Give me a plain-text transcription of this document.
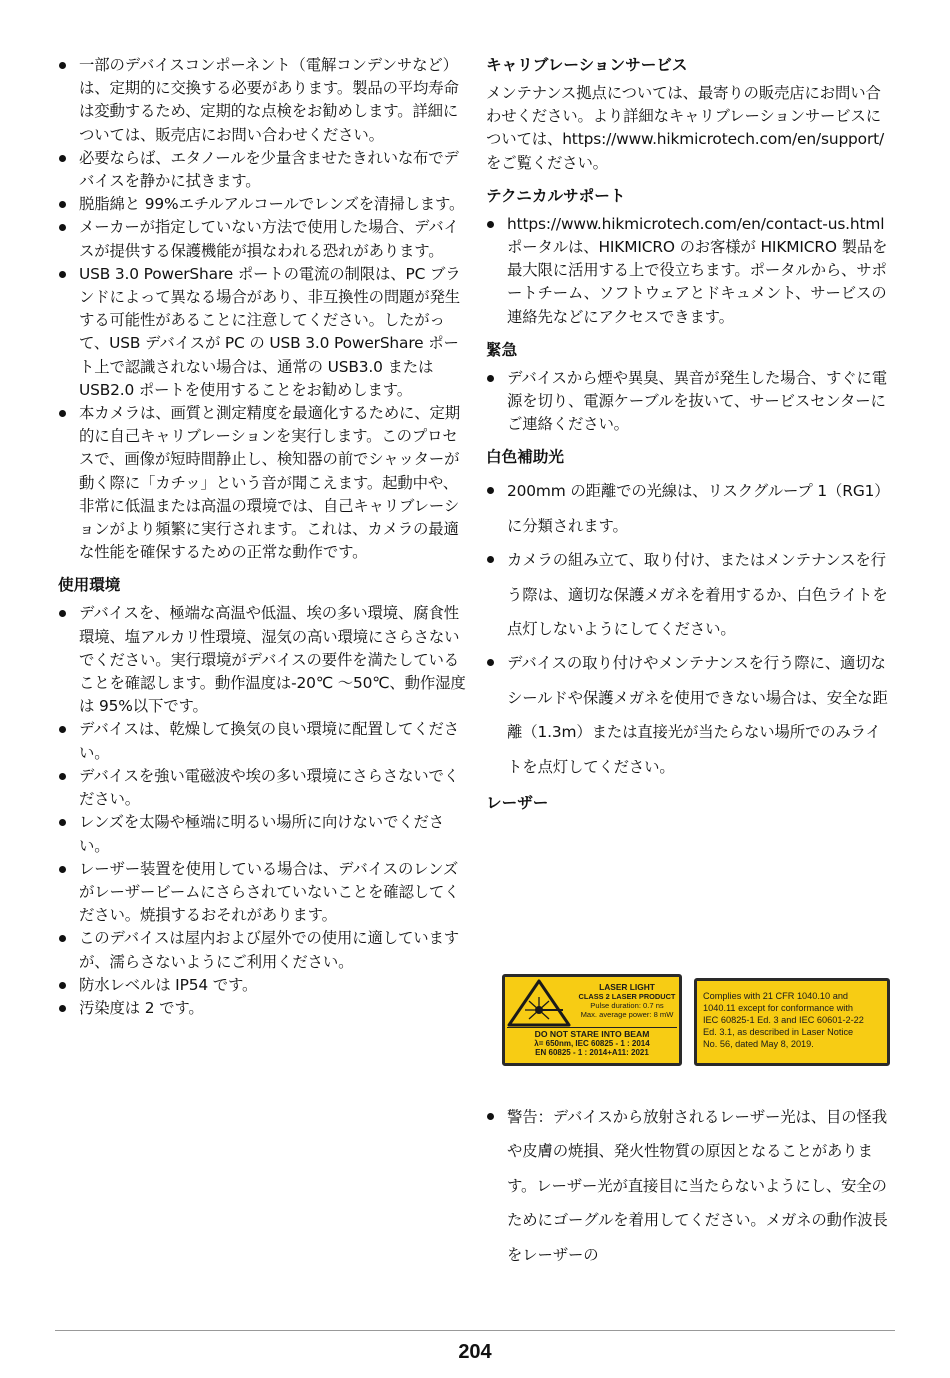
一部のデバイスコンポーネント（電解コンデンサなど）は、定期的に交換する必要があります。製品の平均寿命は変動するため、定期的な点検をお勧めします。詳細については、販売店にお問い合わせください。
必要ならば、エタノールを少量含ませたきれいな布でデバイスを静かに拭きます。
脱脂綿と 99%エチルアルコールでレンズを清掃します。
メーカーが指定していない方法で使用した場合、デバイスが提供する保護機能が損なわれる恐れがあります。
USB 3.0 PowerShare ポートの電流の制限は、PC ブランドによって異なる場合があり、非互換性の問題が発生する可能性があることに注意してください。したがって、USB デバイスが PC の USB 3.0 PowerShare ポート上で認識されない場合は、通常の USB3.0 または USB2.0 ポートを使用することをお勧めします。
本カメラは、画質と測定精度を最適化するために、定期的に自己キャリブレーションを実行します。このプロセスで、画像が短時間静止し、検知器の前でシャッターが動く際に「カチッ」という音が聞こえます。起動中や、非常に低温または高温の環境では、自己キャリブレーションがより頻繁に実行されます。これは、カメラの最適な性能を確保するための正常な動作です。

使用環境

デバイスを、極端な高温や低温、埃の多い環境、腐食性環境、塩アルカリ性環境、湿気の高い環境にさらさないでください。実行環境がデバイスの要件を満たしていることを確認します。動作温度は-20℃ ～50℃、動作湿度は 95%以下です。
デバイスは、乾燥して換気の良い環境に配置してください。
デバイスを強い電磁波や埃の多い環境にさらさないでください。
レンズを太陽や極端に明るい場所に向けないでください。
レーザー装置を使用している場合は、デバイスのレンズがレーザービームにさらされていないことを確認してください。焼損するおそれがあります。
このデバイスは屋内および屋外での使用に適していますが、濡らさないようにご利用ください。
防水レベルは IP54 です。
汚染度は 2 です。

キャリブレーションサービス

メンテナンス拠点については、最寄りの販売店にお問い合わせください。より詳細なキャリブレーションサービスについては、https://www.hikmicrotech.com/en/support/をご覧ください。

テクニカルサポート

https://www.hikmicrotech.com/en/contact-us.html ポータルは、HIKMICRO のお客様が HIKMICRO 製品を最大限に活用する上で役立ちます。ポータルから、サポートチーム、ソフトウェアとドキュメント、サービスの連絡先などにアクセスできます。

緊急

デバイスから煙や異臭、異音が発生した場合、すぐに電源を切り、電源ケーブルを抜いて、サービスセンターにご連絡ください。

白色補助光

200mm の距離での光線は、リスクグループ 1（RG1）に分類されます。
カメラの組み立て、取り付け、またはメンテナンスを行う際は、適切な保護メガネを着用するか、白色ライトを点灯しないようにしてください。
デバイスの取り付けやメンテナンスを行う際に、適切なシールドや保護メガネを使用できない場合は、安全な距離（1.3m）または直接光が当たらない場所でのみライトを点灯してください。

レーザー

LASER LIGHT
CLASS 2 LASER PRODUCT
Pulse duration: 0.7 ns
Max. average power: 8 mW
DO NOT STARE INTO BEAM
λ= 650nm, IEC 60825 - 1 : 2014
EN 60825 - 1 : 2014+A11: 2021
Complies with 21 CFR 1040.10 and
1040.11 except for conformance with
IEC 60825-1 Ed. 3 and IEC 60601-2-22
Ed. 3.1, as described in Laser Notice
No. 56, dated May 8, 2019.
警告：デバイスから放射されるレーザー光は、目の怪我や皮膚の焼損、発火性物質の原因となることがあります。レーザー光が直接目に当たらないようにし、安全のためにゴーグルを着用してください。メガネの動作波長をレーザーの
204
